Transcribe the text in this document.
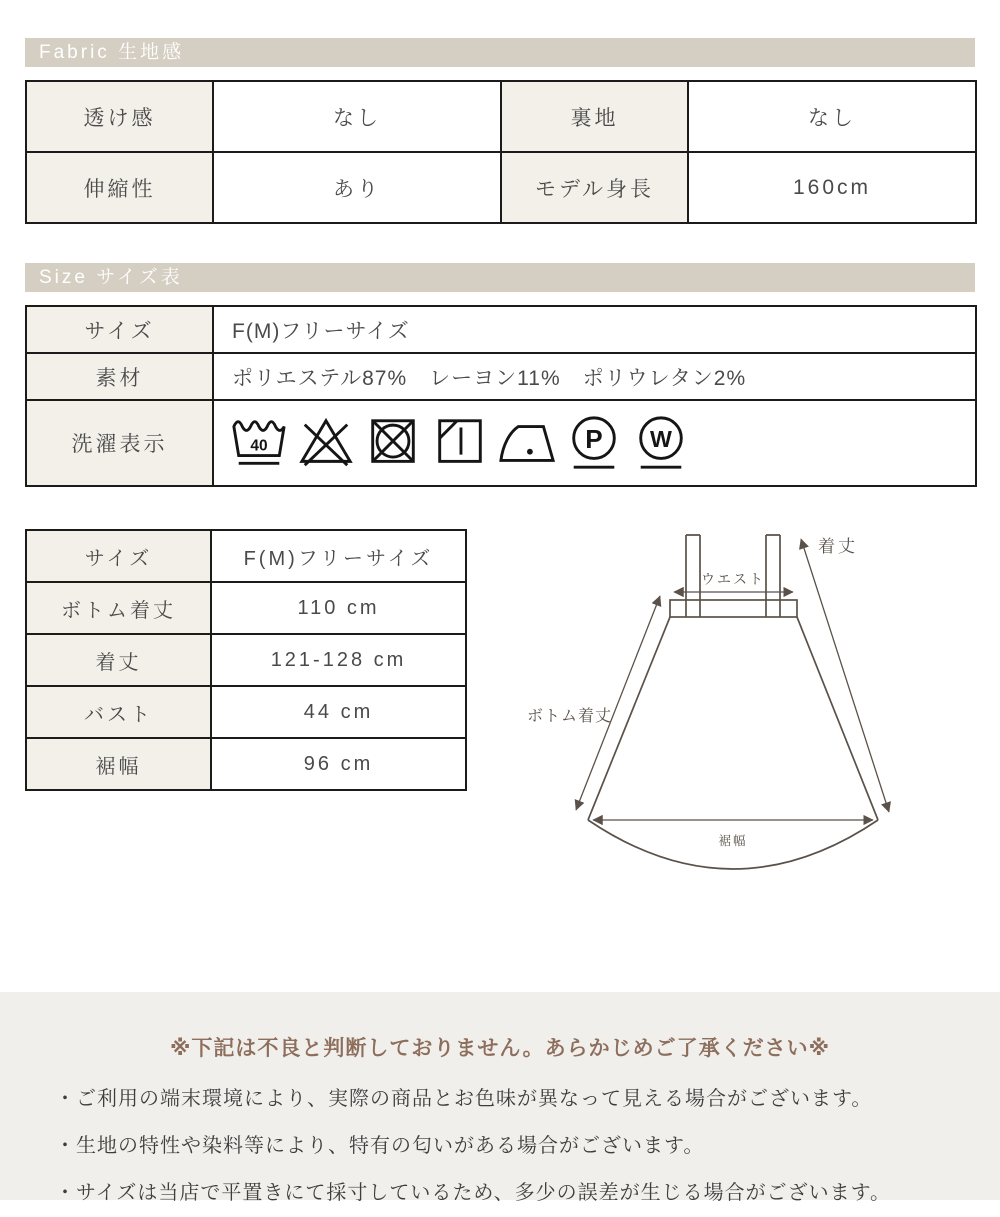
Fabric 生地感
透け感	なし	裏地	なし
伸縮性	あり	モデル身長	160cm
Size サイズ表
サイズ	F(M)フリーサイズ
素材	ポリエステル87%　レーヨン11%　ポリウレタン2%
洗濯表示	
サイズ	F(M)フリーサイズ
ボトム着丈	110 cm
着丈	121-128 cm
バスト	44 cm
裾幅	96 cm
ウエスト
着丈
ボトム着丈
裾幅
※下記は不良と判断しておりません。あらかじめご了承ください※
・ご利用の端末環境により、実際の商品とお色味が異なって見える場合がございます。
・生地の特性や染料等により、特有の匂いがある場合がございます。
・サイズは当店で平置きにて採寸しているため、多少の誤差が生じる場合がございます。
